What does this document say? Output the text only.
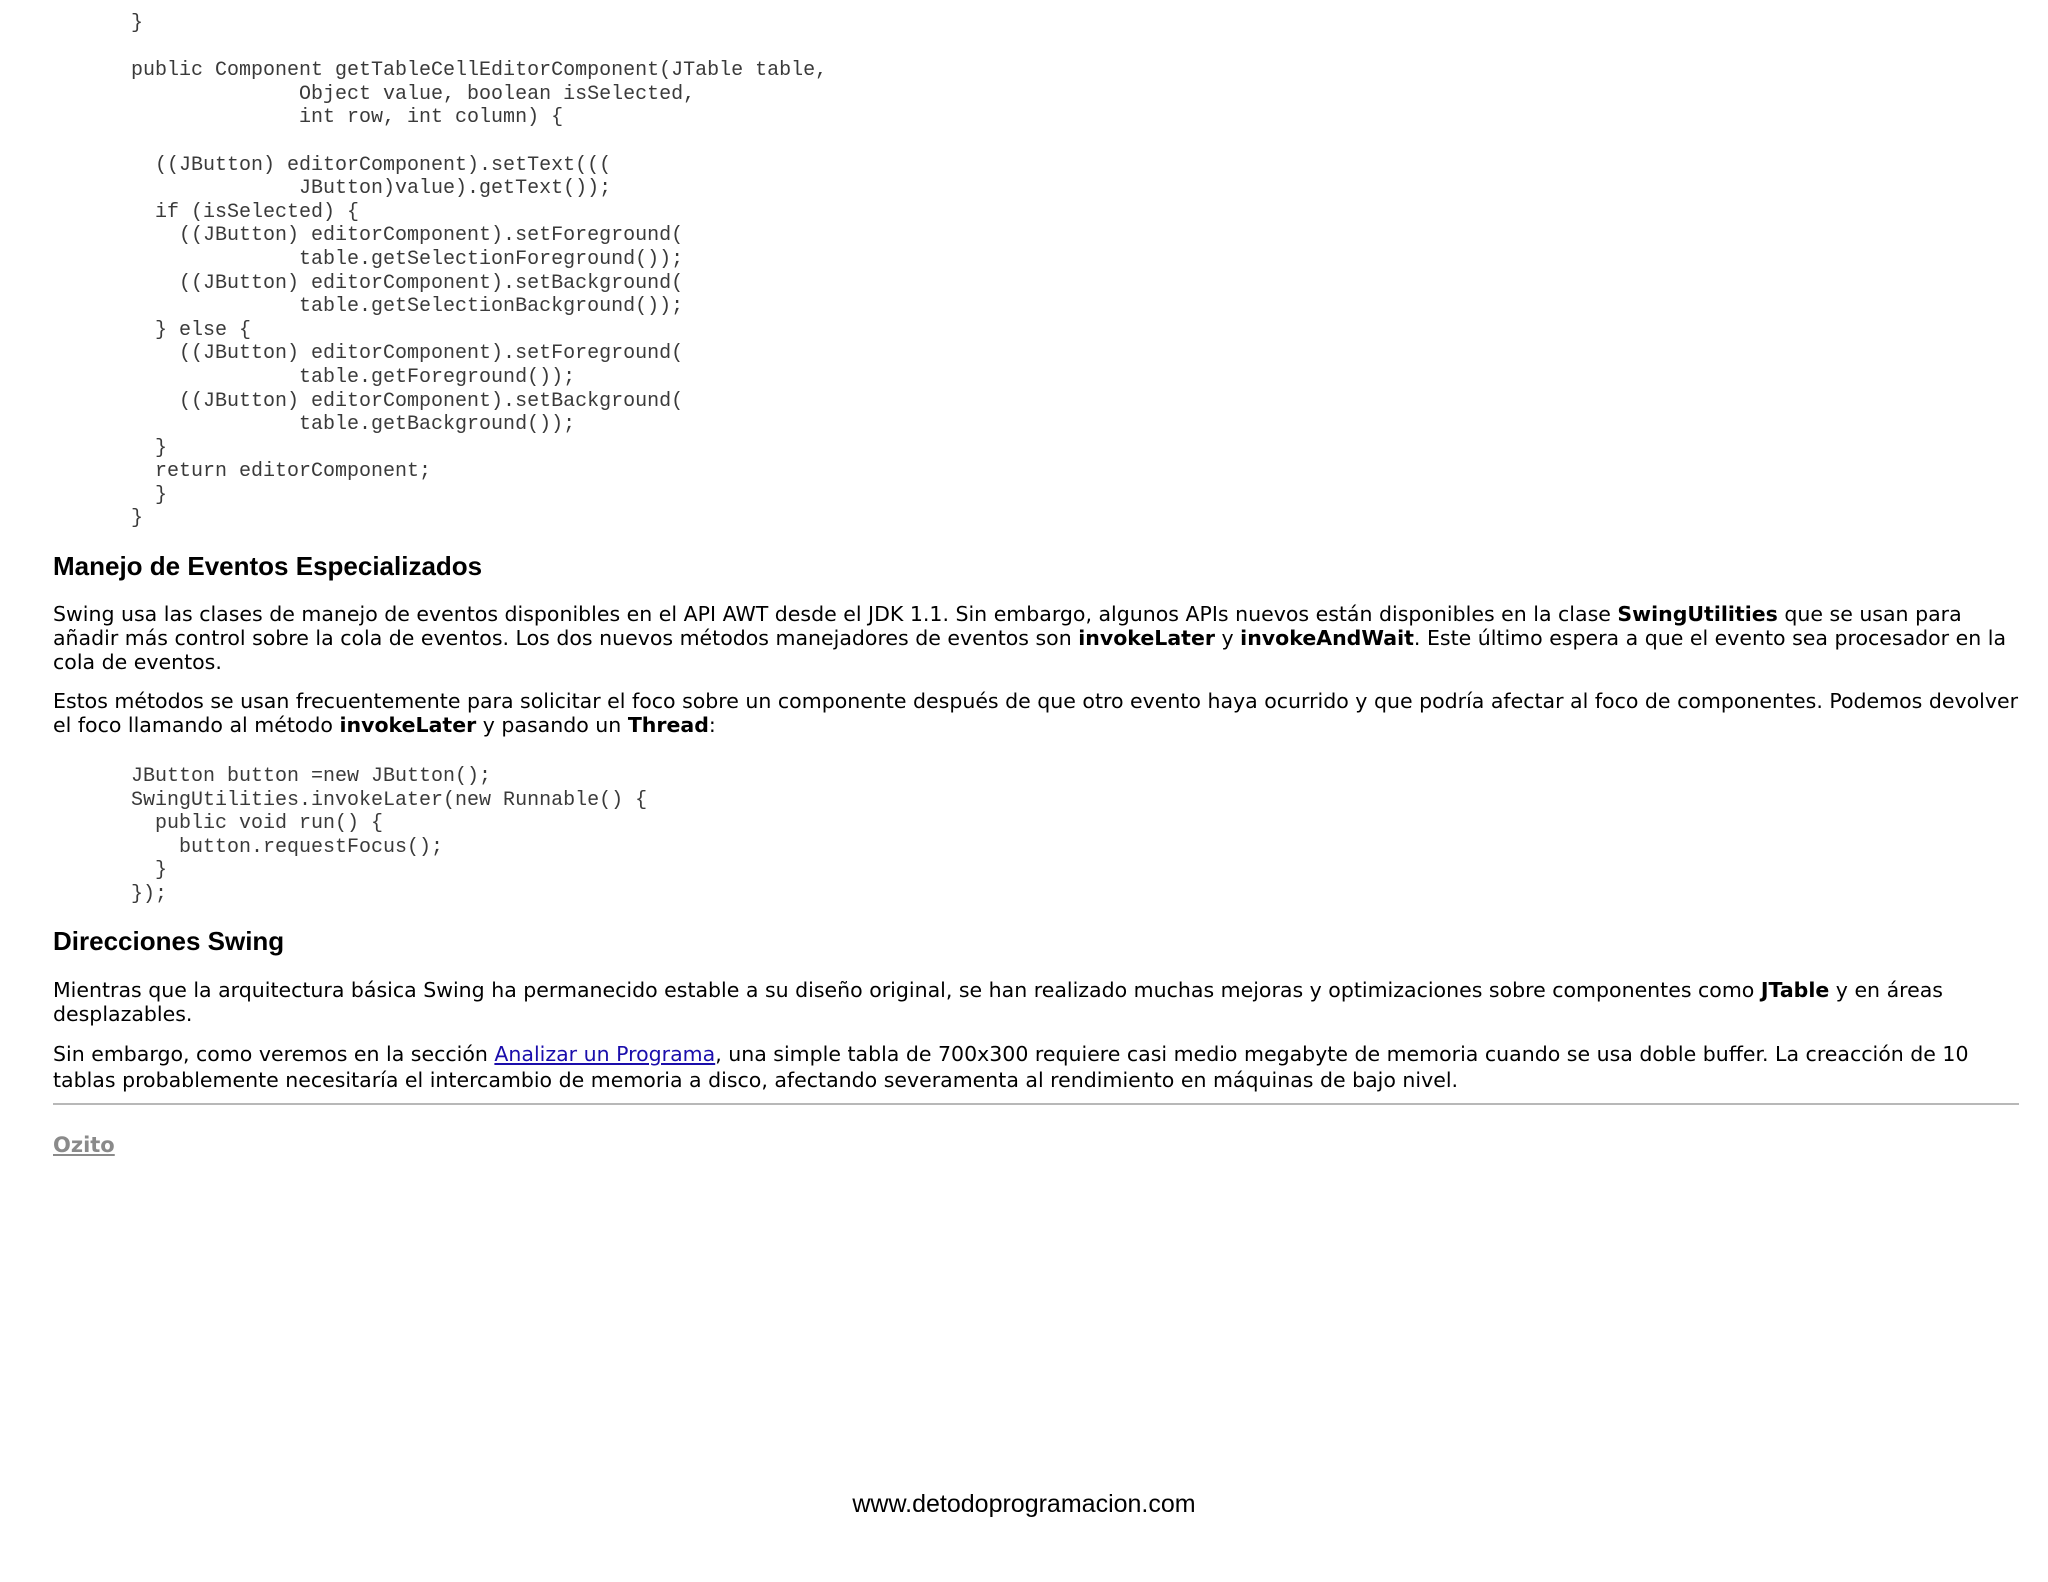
}

public Component getTableCellEditorComponent(JTable table,
Object value, boolean isSelected,
int row, int column) {

((JButton) editorComponent).setText(((
JButton)value).getText());
if (isSelected) {
((JButton) editorComponent).setForeground(
table.getSelectionForeground());
((JButton) editorComponent).setBackground(
table.getSelectionBackground());
} else {
((JButton) editorComponent).setForeground(
table.getForeground());
((JButton) editorComponent).setBackground(
table.getBackground());
}
return editorComponent;
}
}
Manejo de Eventos Especializados

Swing usa las clases de manejo de eventos disponibles en el API AWT desde el JDK 1.1. Sin embargo, algunos APIs nuevos están disponibles en la clase SwingUtilities que se usan para añadir más control sobre la cola de eventos. Los dos nuevos métodos manejadores de eventos son invokeLater y invokeAndWait. Este último espera a que el evento sea procesador en la cola de eventos.

Estos métodos se usan frecuentemente para solicitar el foco sobre un componente después de que otro evento haya ocurrido y que podría afectar al foco de componentes. Podemos devolver el foco llamando al método invokeLater y pasando un Thread:

JButton button =new JButton();
SwingUtilities.invokeLater(new Runnable() {
public void run() {
button.requestFocus();
}
});
Direcciones Swing

Mientras que la arquitectura básica Swing ha permanecido estable a su diseño original, se han realizado muchas mejoras y optimizaciones sobre componentes como JTable y en áreas desplazables.

Sin embargo, como veremos en la sección Analizar un Programa, una simple tabla de 700x300 requiere casi medio megabyte de memoria cuando se usa doble buffer. La creacción de 10 tablas probablemente necesitaría el intercambio de memoria a disco, afectando severamenta al rendimiento en máquinas de bajo nivel.

Ozito
www.detodoprogramacion.com
